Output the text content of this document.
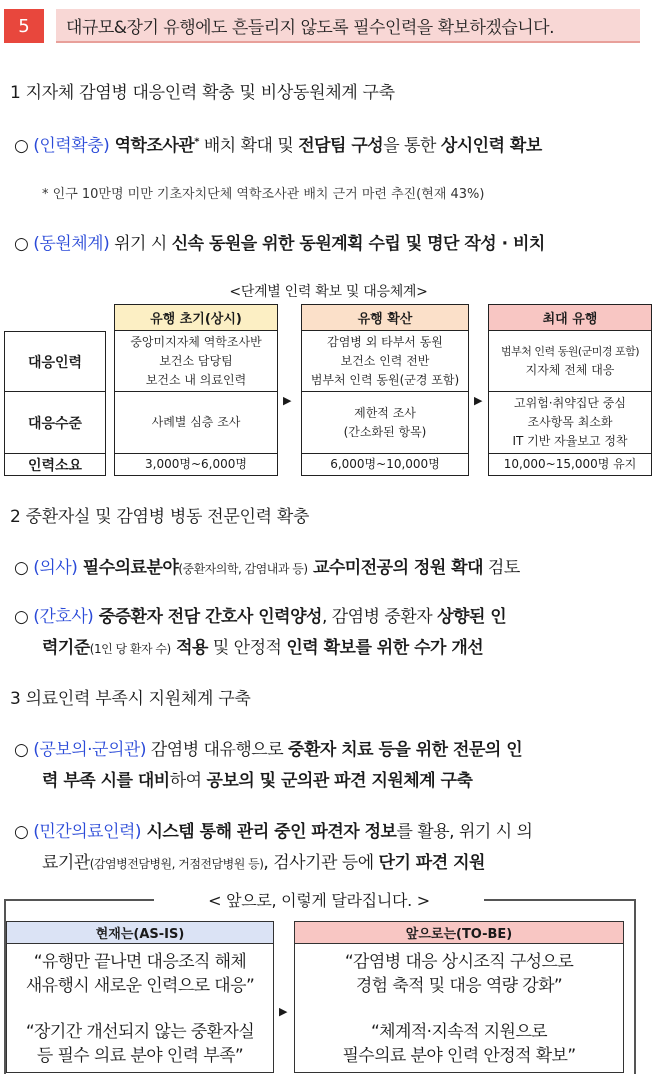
5	대규모&장기 유행에도 흔들리지 않도록 필수인력을 확보하겠습니다.
1 지자체 감염병 대응인력 확충 및 비상동원체계 구축
○ (인력확충) 역학조사관* 배치 확대 및 전담팀 구성을 통한 상시인력 확보
* 인구 10만명 미만 기초자치단체 역학조사관 배치 근거 마련 추진(현재 43%)
○ (동원체계) 위기 시 신속 동원을 위한 동원계획 수립 및 명단 작성 · 비치
<단계별 인력 확보 및 대응체계>
대응인력
대응수준
인력소요
유행 초기(상시)
중앙미지자체 역학조사반
보건소 담당팀
보건소 내 의료인력
사례별 심층 조사
3,000명~6,000명
▶
유행 확산
감염병 외 타부서 동원
보건소 인력 전반
범부처 인력 동원(군경 포함)
제한적 조사
(간소화된 항목)
6,000명~10,000명
▶
최대 유행
범부처 인력 동원(군미경 포함)
지자체 전체 대응
고위험·취약집단 중심
조사항목 최소화
IT 기반 자율보고 정착
10,000~15,000명 유지
2 중환자실 및 감염병 병동 전문인력 확충
○ (의사) 필수의료분야(중환자의학, 감염내과 등) 교수미전공의 정원 확대 검토
○ (간호사) 중증환자 전담 간호사 인력양성, 감염병 중환자 상향된 인
력기준(1인 당 환자 수) 적용 및 안정적 인력 확보를 위한 수가 개선
3 의료인력 부족시 지원체계 구축
○ (공보의·군의관) 감염병 대유행으로 중환자 치료 등을 위한 전문의 인
력 부족 시를 대비하여 공보의 및 군의관 파견 지원체계 구축
○ (민간의료인력) 시스템 통해 관리 중인 파견자 정보를 활용, 위기 시 의
료기관(감염병전담병원, 거점전담병원 등), 검사기관 등에 단기 파견 지원
< 앞으로, 이렇게 달라집니다. >
현재는(AS-IS)
“유행만 끝나면 대응조직 해체
새유행시 새로운 인력으로 대응”
“장기간 개선되지 않는 중환자실
등 필수 의료 분야 인력 부족”
▶
앞으로는(TO-BE)
“감염병 대응 상시조직 구성으로
경험 축적 및 대응 역량 강화”
“체계적·지속적 지원으로
필수의료 분야 인력 안정적 확보”
